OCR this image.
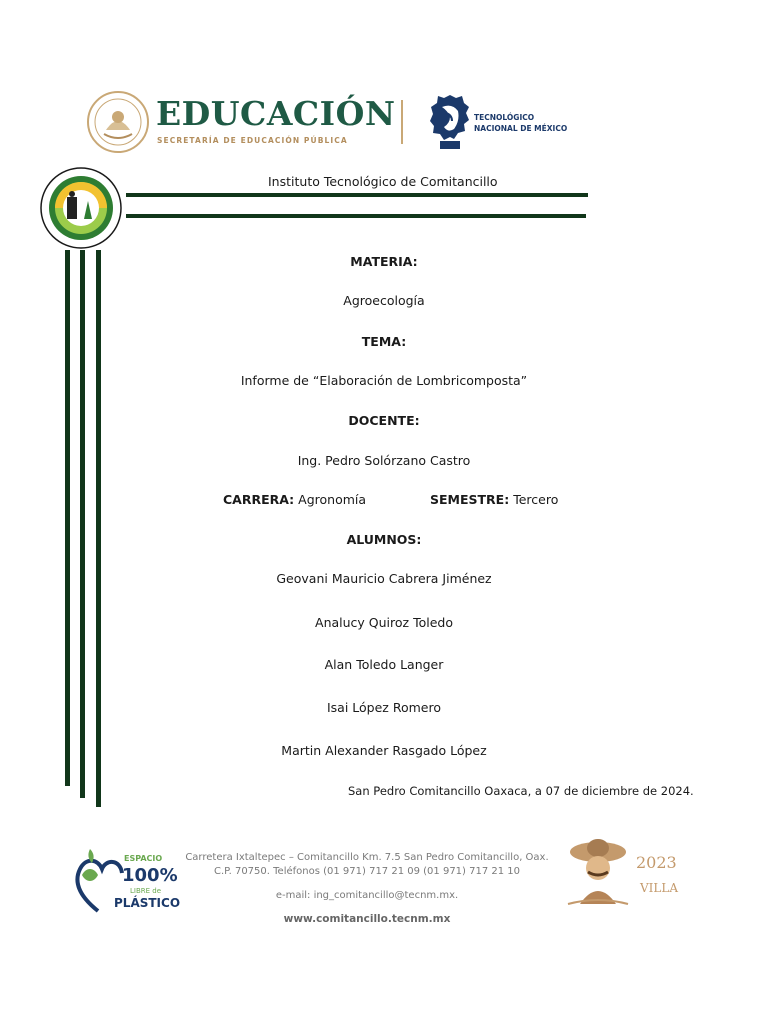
EDUCACIÓN
SECRETARÍA DE EDUCACIÓN PÚBLICA
TECNOLÓGICO
NACIONAL DE MÉXICO
Instituto Tecnológico de Comitancillo
MATERIA:
Agroecología
TEMA:
Informe de “Elaboración de Lombricomposta”
DOCENTE:
Ing. Pedro Solórzano Castro
CARRERA: Agronomía	SEMESTRE: Tercero
ALUMNOS:
Geovani Mauricio Cabrera Jiménez
Analucy Quiroz Toledo
Alan Toledo Langer
Isai López Romero
Martin Alexander Rasgado López
San Pedro Comitancillo Oaxaca, a 07 de diciembre de 2024.
ESPACIO
100%
LIBRE de
PLÁSTICO
Carretera Ixtaltepec – Comitancillo Km. 7.5 San Pedro Comitancillo, Oax.
C.P. 70750. Teléfonos (01 971) 717 21 09 (01 971) 717 21 10
e-mail: ing_comitancillo@tecnm.mx.
www.comitancillo.tecnm.mx
2023
VILLA
